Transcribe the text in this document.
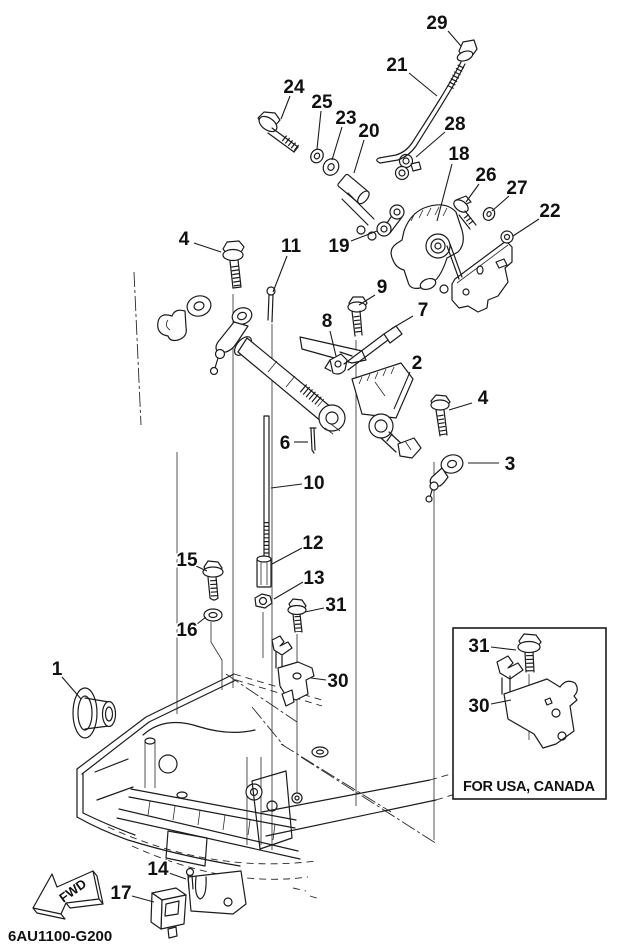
FOR USA, CANADA
FWD
6AU1100-G200
29
21
24
25
23
20	28
18
26
27
22
4	11 19
9
8
7
2
4
3
6
10
12
13
15
16
31
30
1
14
17
31
30
